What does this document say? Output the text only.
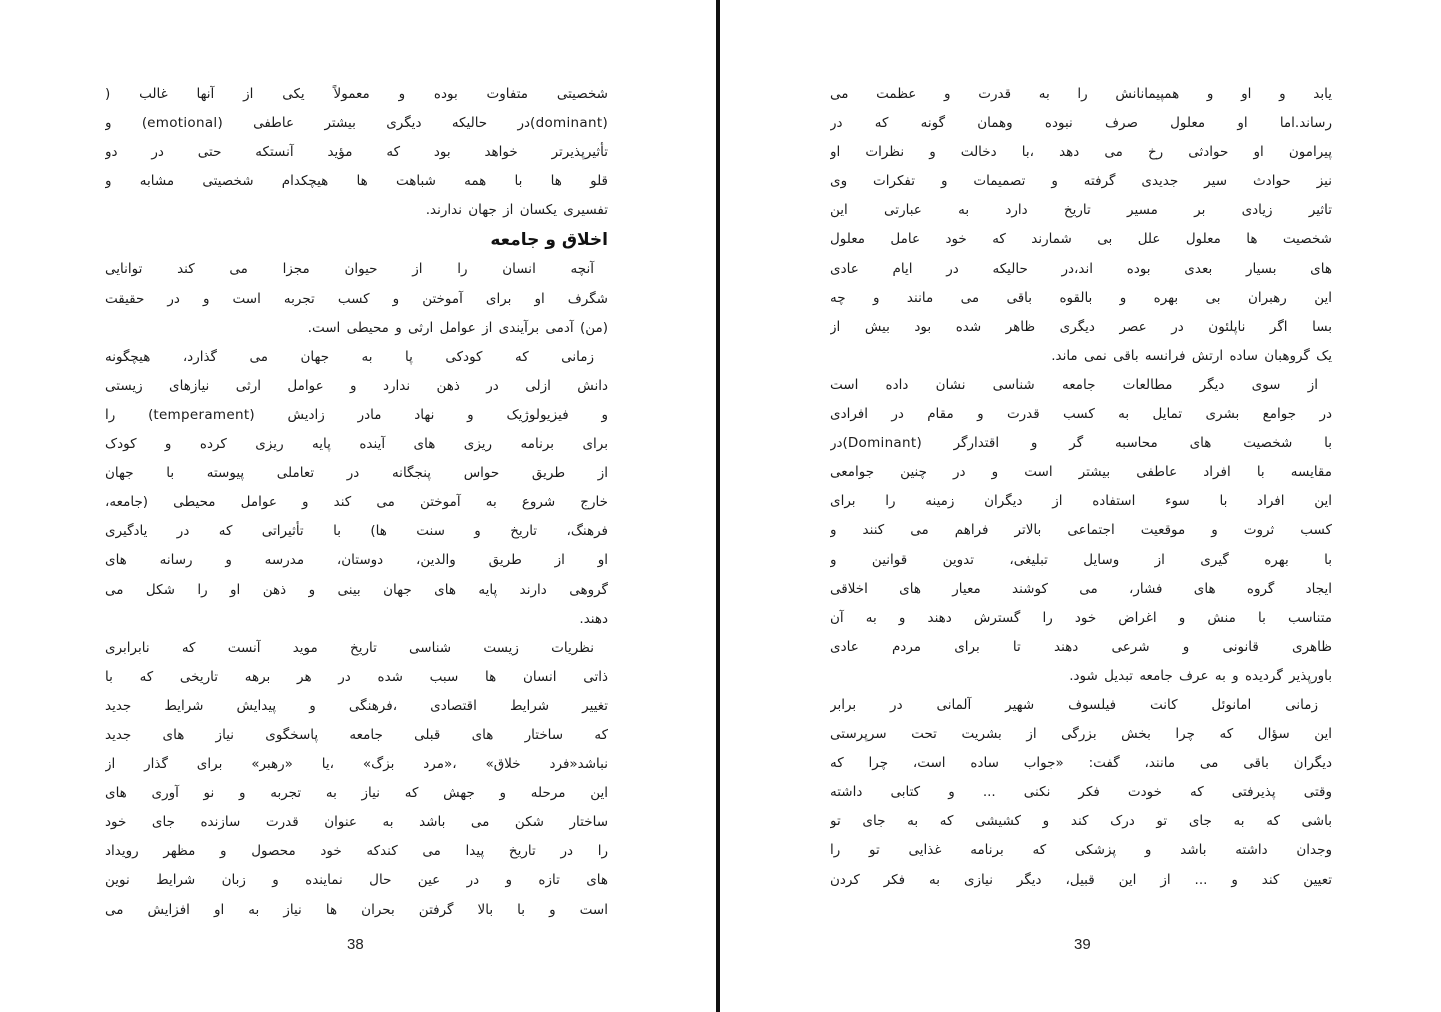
شخصیتی متفاوت بوده و معمولاً یکی از آنها غالب (
(dominant)در حالیکه دیگری بیشتر عاطفی (emotional) و
تأثیرپذیرتر خواهد بود که مؤید آنستکه حتی در دو
قلو ها با همه شباهت ها هیچکدام شخصیتی مشابه و
تفسیری یکسان از جهان ندارند.
اخلاق و جامعه
آنچه انسان را از حیوان مجزا می کند توانایی
شگرف او برای آموختن و کسب تجربه است و در حقیقت
(من) آدمی برآیندی از عوامل ارثی و محیطی است.
زمانی که کودکی پا به جهان می گذارد، هیچگونه
دانش ازلی در ذهن ندارد و عوامل ارثی نیازهای زیستی
و فیزیولوژیک و نهاد مادر زادیش (temperament) را
برای برنامه ریزی های آینده پایه ریزی کرده و کودک
از طریق حواس پنجگانه در تعاملی پیوسته با جهان
خارج شروع به آموختن می کند و عوامل محیطی (جامعه،
فرهنگ، تاریخ و سنت ها) با تأثیراتی که در یادگیری
او از طریق والدین، دوستان، مدرسه و رسانه های
گروهی دارند پایه های جهان بینی و ذهن او را شکل می
دهند.
نظریات زیست شناسی تاریخ موید آنست که نابرابری
ذاتی انسان ها سبب شده در هر برهه تاریخی که با
تغییر شرایط اقتصادی ،فرهنگی و پیدایش شرایط جدید
که ساختار های قبلی جامعه پاسخگوی نیاز های جدید
نباشد«فرد خلاق» ،«مرد بزگ» ،یا «رهبر» برای گذار از
این مرحله و جهش که نیاز به تجربه و نو آوری های
ساختار شکن می باشد به عنوان قدرت سازنده جای خود
را در تاریخ پیدا می کندکه خود محصول و مظهر رویداد
های تازه و در عین حال نماینده و زبان شرایط نوین
است و با بالا گرفتن بحران ها نیاز به او افزایش می
38
یابد و او و همپیمانانش را به قدرت و عظمت می
رساند.اما او معلول صرف نبوده وهمان گونه که در
پیرامون او حوادثی رخ می دهد ،با دخالت و نظرات او
نیز حوادث سیر جدیدی گرفته و تصمیمات و تفکرات وی
تاثیر زیادی بر مسیر تاریخ دارد به عبارتی این
شخصیت ها معلول علل بی شمارند که خود عامل معلول
های بسیار بعدی بوده اند،در حالیکه در ایام عادی
این رهبران بی بهره و بالقوه باقی می مانند و چه
بسا اگر ناپلئون در عصر دیگری ظاهر شده بود بیش از
یک گروهبان ساده ارتش فرانسه باقی نمی ماند.
از سوی دیگر مطالعات جامعه شناسی نشان داده است
در جوامع بشری تمایل به کسب قدرت و مقام در افرادی
با شخصیت های محاسبه گر و اقتدارگر (Dominant)در
مقایسه با افراد عاطفی بیشتر است و در چنین جوامعی
این افراد با سوء استفاده از دیگران زمینه را برای
کسب ثروت و موقعیت اجتماعی بالاتر فراهم می کنند و
با بهره گیری از وسایل تبلیغی، تدوین قوانین و
ایجاد گروه های فشار، می کوشند معیار های اخلاقی
متناسب با منش و اغراض خود را گسترش دهند و به آن
ظاهری قانونی و شرعی دهند تا برای مردم عادی
باورپذیر گردیده و به عرف جامعه تبدیل شود.
زمانی امانوئل کانت فیلسوف شهیر آلمانی در برابر
این سؤال که چرا بخش بزرگی از بشریت تحت سرپرستی
دیگران باقی می مانند، گفت: «جواب ساده است، چرا که
وقتی پذیرفتی که خودت فکر نکنی ... و کتابی داشته
باشی که به جای تو درک کند و کشیشی که به جای تو
وجدان داشته باشد و پزشکی که برنامه غذایی تو را
تعیین کند و ... از این قبیل، دیگر نیازی به فکر کردن
39
